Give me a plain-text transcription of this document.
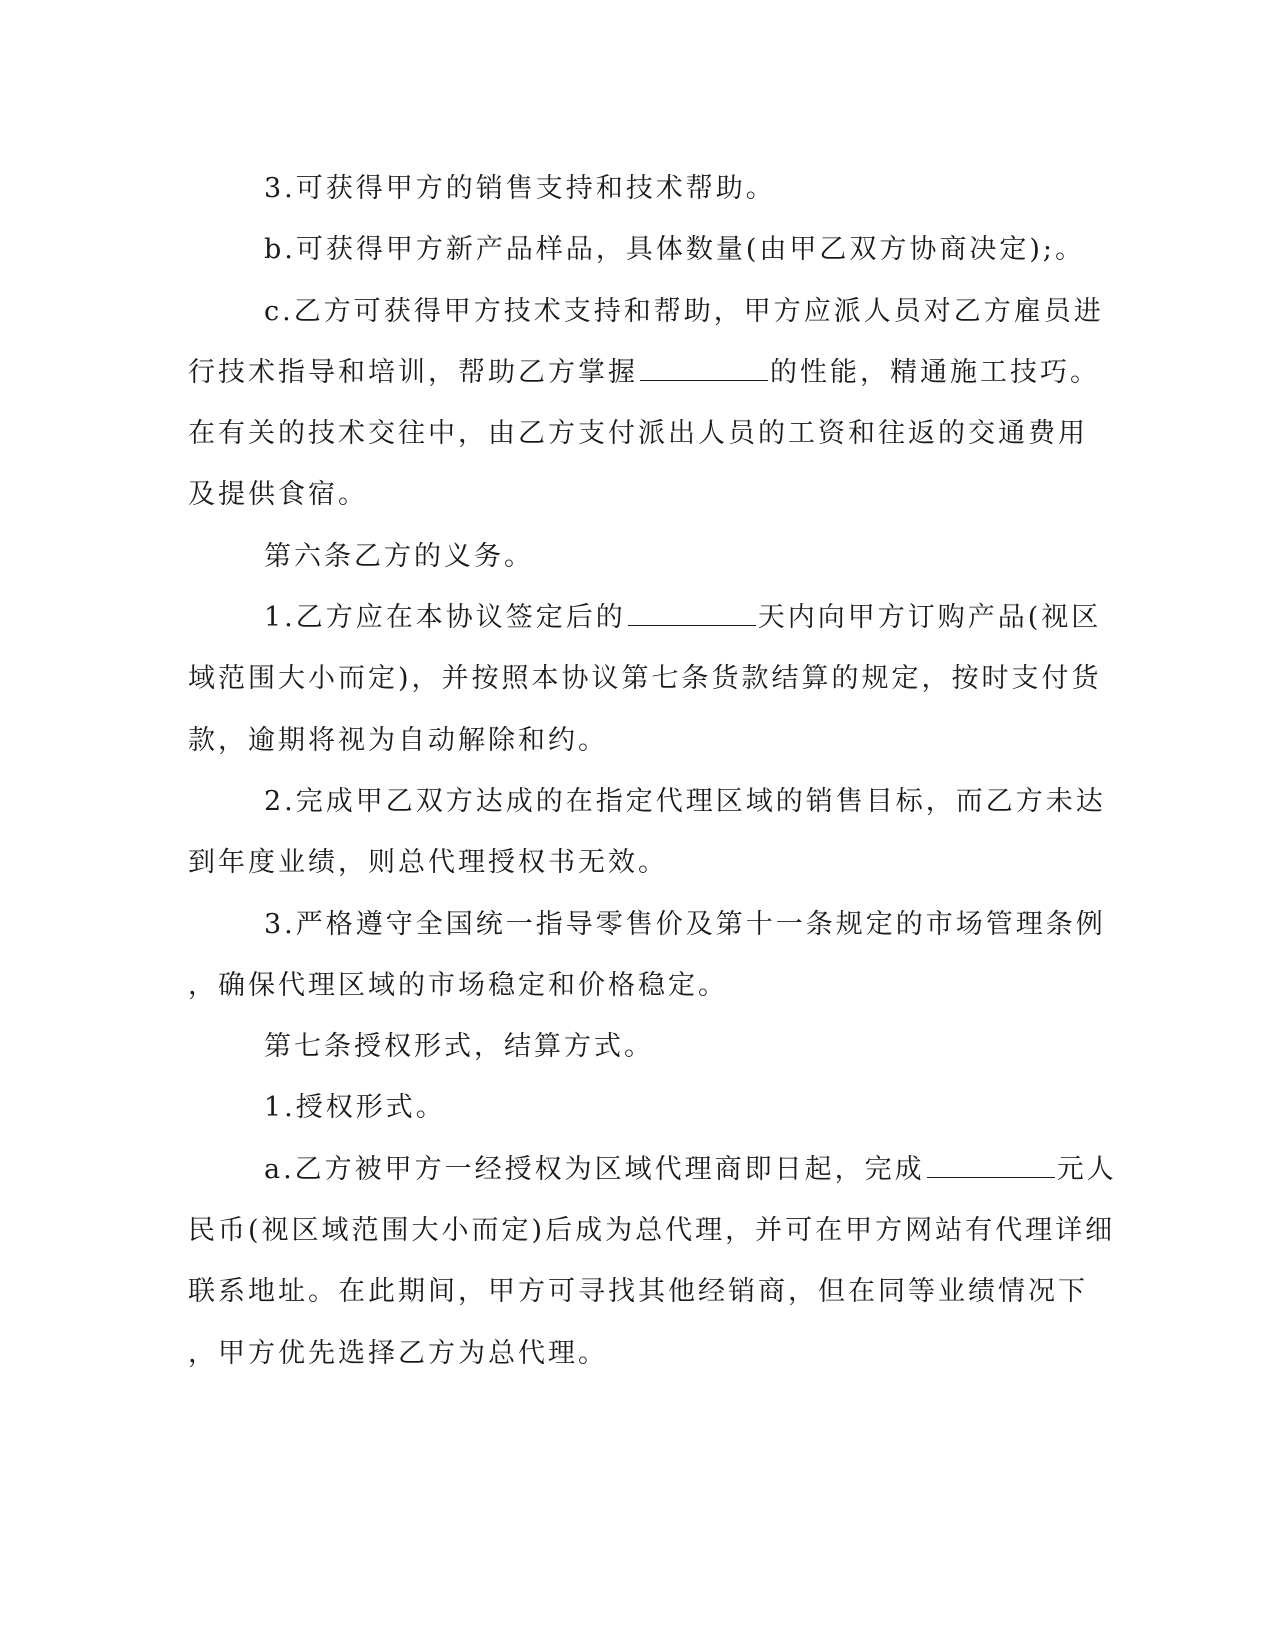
3.可获得甲方的销售支持和技术帮助。
b.可获得甲方新产品样品，具体数量(由甲乙双方协商决定);。
c.乙方可获得甲方技术支持和帮助，甲方应派人员对乙方雇员进
行技术指导和培训，帮助乙方掌握	的性能，精通施工技巧。
在有关的技术交往中，由乙方支付派出人员的工资和往返的交通费用
及提供食宿。
第六条乙方的义务。
1.乙方应在本协议签定后的	天内向甲方订购产品(视区
域范围大小而定)，并按照本协议第七条货款结算的规定，按时支付货
款，逾期将视为自动解除和约。
2.完成甲乙双方达成的在指定代理区域的销售目标，而乙方未达
到年度业绩，则总代理授权书无效。
3.严格遵守全国统一指导零售价及第十一条规定的市场管理条例
，确保代理区域的市场稳定和价格稳定。
第七条授权形式，结算方式。
1.授权形式。
a.乙方被甲方一经授权为区域代理商即日起，完成	元人
民币(视区域范围大小而定)后成为总代理，并可在甲方网站有代理详细
联系地址。在此期间，甲方可寻找其他经销商，但在同等业绩情况下
，甲方优先选择乙方为总代理。
